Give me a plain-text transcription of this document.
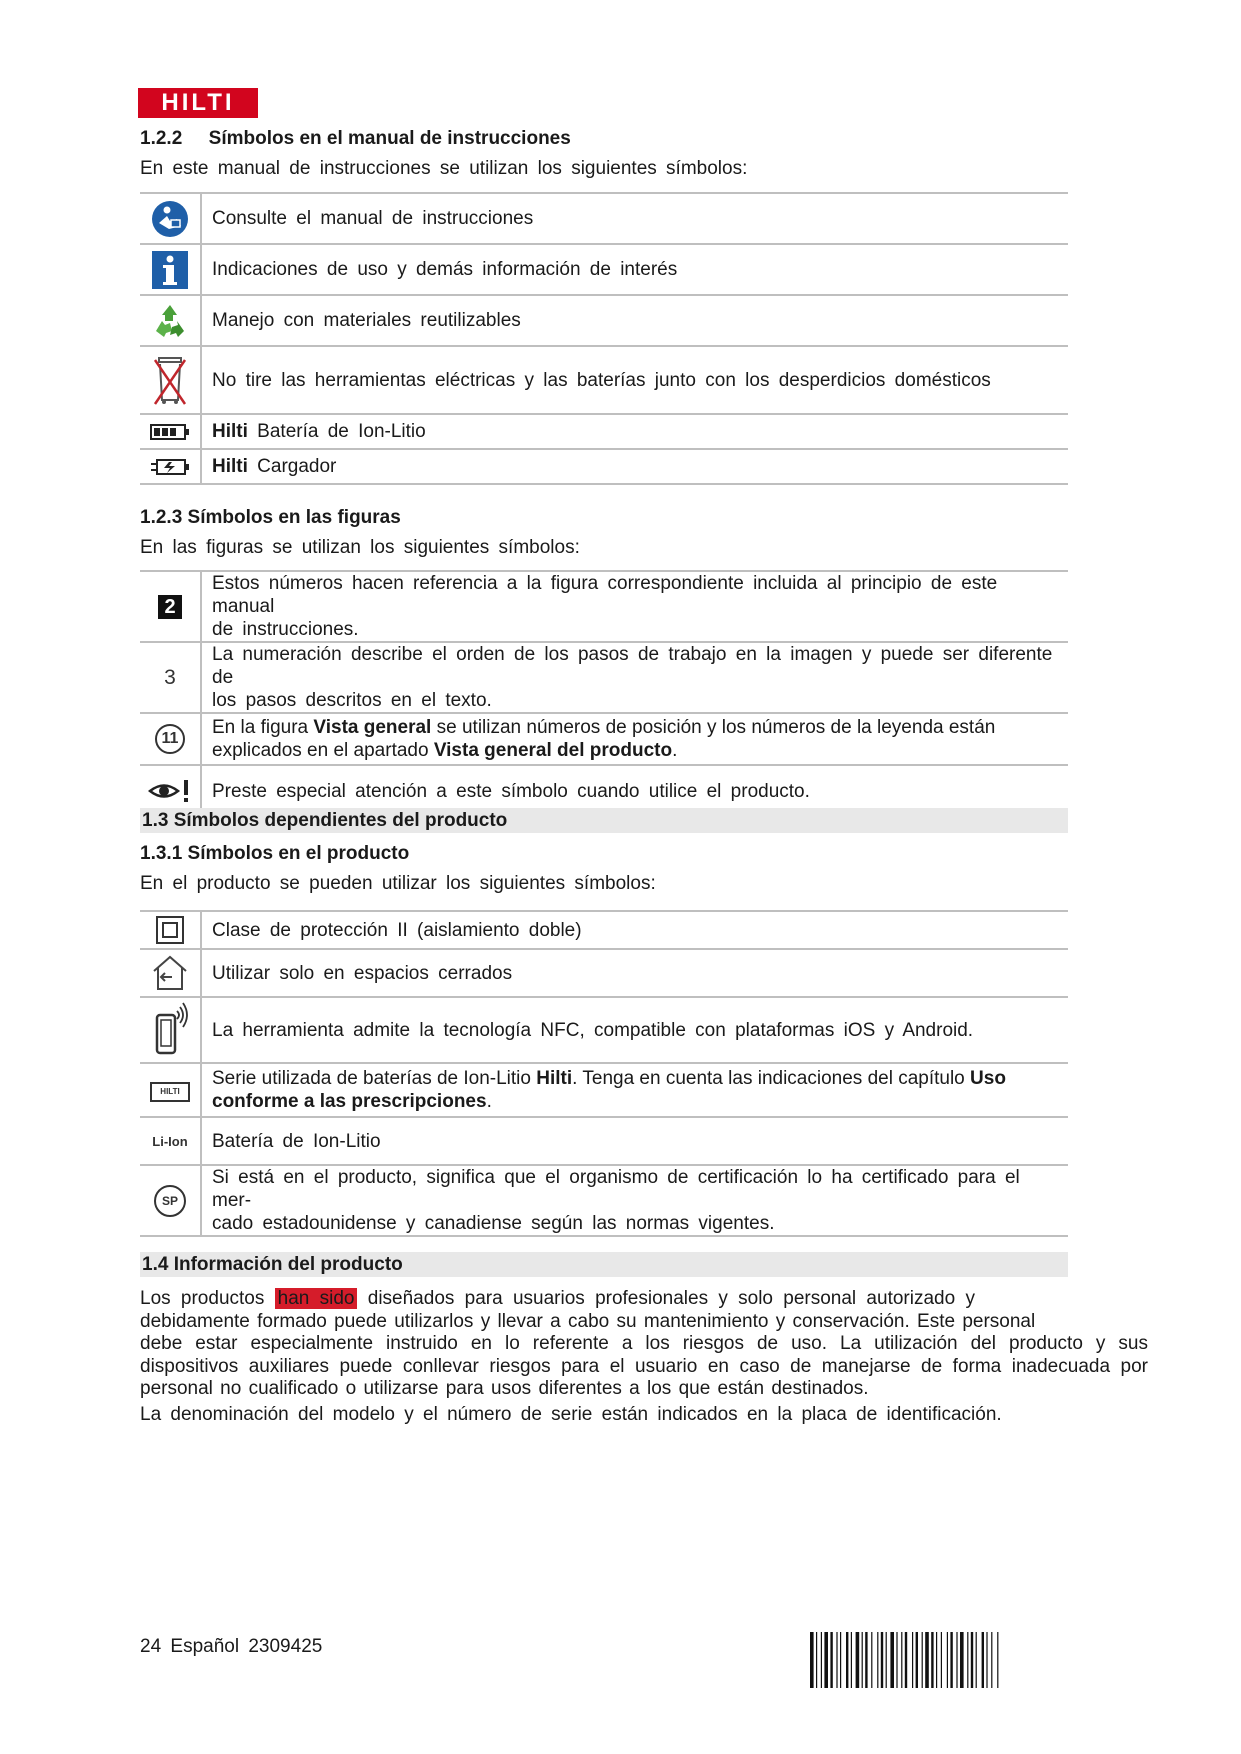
HILTI
1.2.2     Símbolos en el manual de instrucciones
En este manual de instrucciones se utilizan los siguientes símbolos:
	Consulte el manual de instrucciones

	Indicaciones de uso y demás información de interés

	Manejo con materiales reutilizables

	No tire las herramientas eléctricas y las baterías junto con los desperdicios domésticos

	Hilti Batería de Ion-Litio

	Hilti Cargador
1.2.3 Símbolos en las figuras
En las figuras se utilizan los siguientes símbolos:
2	Estos números hacen referencia a la figura correspondiente incluida al principio de este manual
de instrucciones.
3	La numeración describe el orden de los pasos de trabajo en la imagen y puede ser diferente de
los pasos descritos en el texto.
11	En la figura Vista general se utilizan números de posición y los números de la leyenda están
explicados en el apartado Vista general del producto.

	Preste especial atención a este símbolo cuando utilice el producto.
1.3 Símbolos dependientes del producto
1.3.1 Símbolos en el producto
En el producto se pueden utilizar los siguientes símbolos:
	Clase de protección II (aislamiento doble)

	Utilizar solo en espacios cerrados

	La herramienta admite la tecnología NFC, compatible con plataformas iOS y Android.
HILTI	Serie utilizada de baterías de Ion-Litio Hilti. Tenga en cuenta las indicaciones del capítulo Uso
conforme a las prescripciones.
Li-Ion	Batería de Ion-Litio
SP	Si está en el producto, significa que el organismo de certificación lo ha certificado para el mer-
cado estadounidense y canadiense según las normas vigentes.
1.4 Información del producto
Los productos han sido diseñados para usuarios profesionales y solo personal autorizado y
debidamente formado puede utilizarlos y llevar a cabo su mantenimiento y conservación. Este personal
debe estar especialmente instruido en lo referente a los riesgos de uso. La utilización del producto y sus dispositivos auxiliares puede conllevar riesgos para el usuario en caso de manejarse de forma inadecuada por personal no cualificado o utilizarse para usos diferentes a los que están destinados.
La denominación del modelo y el número de serie están indicados en la placa de identificación.
24 Español 2309425
